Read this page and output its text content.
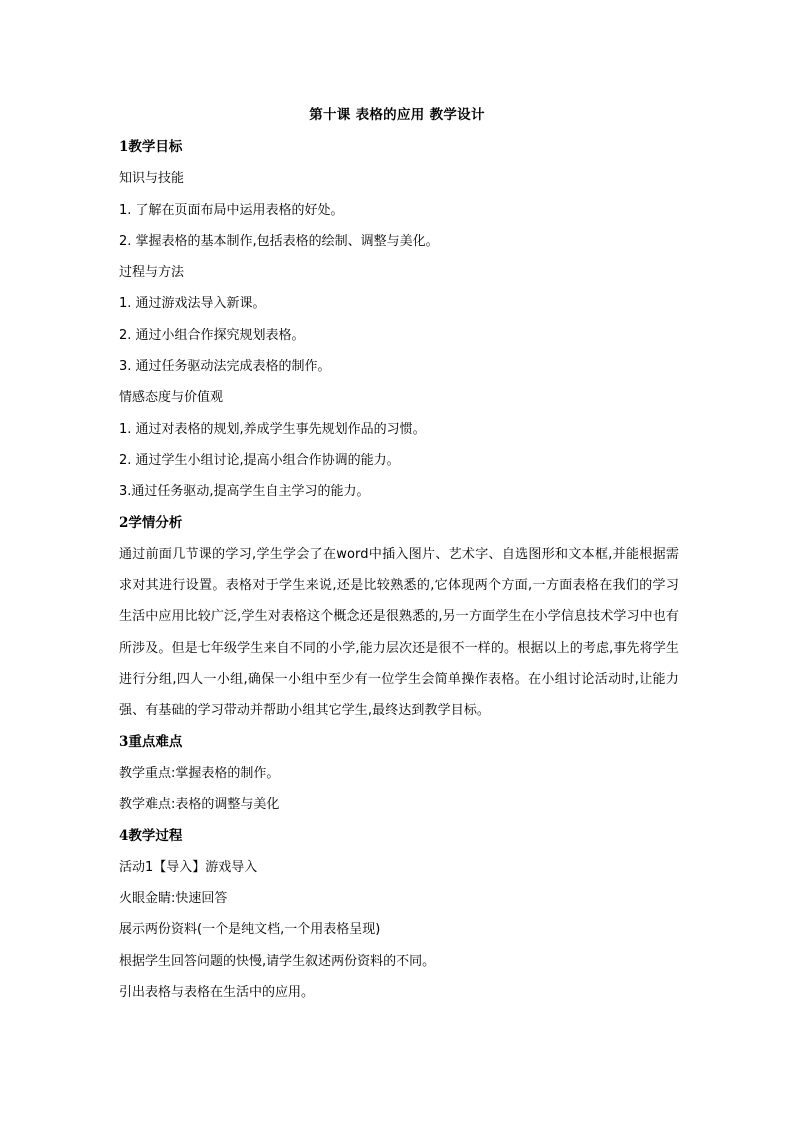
第十课 表格的应用 教学设计
1教学目标
知识与技能
1. 了解在页面布局中运用表格的好处。
2. 掌握表格的基本制作,包括表格的绘制、调整与美化。
过程与方法
1. 通过游戏法导入新课。
2. 通过小组合作探究规划表格。
3. 通过任务驱动法完成表格的制作。
情感态度与价值观
1. 通过对表格的规划,养成学生事先规划作品的习惯。
2. 通过学生小组讨论,提高小组合作协调的能力。
3.通过任务驱动,提高学生自主学习的能力。
2学情分析
通过前面几节课的学习,学生学会了在word中插入图片、艺术字、自选图形和文本框,并能根据需求对其进行设置。表格对于学生来说,还是比较熟悉的,它体现两个方面,一方面表格在我们的学习生活中应用比较广泛,学生对表格这个概念还是很熟悉的,另一方面学生在小学信息技术学习中也有所涉及。但是七年级学生来自不同的小学,能力层次还是很不一样的。根据以上的考虑,事先将学生进行分组,四人一小组,确保一小组中至少有一位学生会简单操作表格。在小组讨论活动时,让能力强、有基础的学习带动并帮助小组其它学生,最终达到教学目标。
3重点难点
教学重点:掌握表格的制作。
教学难点:表格的调整与美化
4教学过程
活动1【导入】游戏导入
火眼金睛:快速回答
展示两份资料(一个是纯文档,一个用表格呈现)
根据学生回答问题的快慢,请学生叙述两份资料的不同。
引出表格与表格在生活中的应用。
